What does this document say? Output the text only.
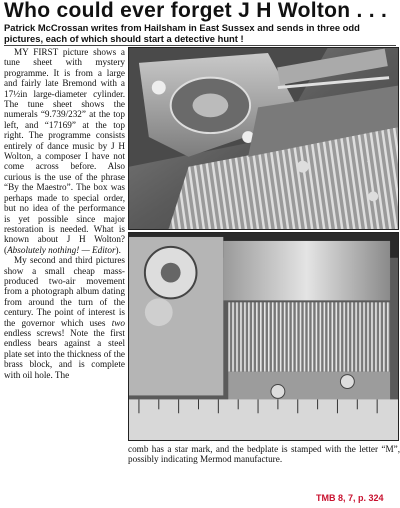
Who could ever forget J H Wolton . . .
Patrick McCrossan writes from Hailsham in East Sussex and sends in three odd pictures, each of which should start a detective hunt !

MY FIRST picture shows a tune sheet with mystery programme. It is from a large and fairly late Bremond with a 17½in large-diameter cylinder. The tune sheet shows the numerals “9.739/232” at the top left, and “17169” at the top right. The programme consists entirely of dance music by J H Wolton, a composer I have not come across before. Also curious is the use of the phrase “By the Maestro”. The box was perhaps made to special order, but no idea of the performance is yet possible since major restoration is needed. What is known about J H Wolton? (Absolutely nothing! — Editor).

My second and third pictures show a small cheap mass-produced two-air movement from a photograph album dating from around the turn of the century. The point of interest is the governor which uses two endless screws! Note the first endless bears against a steel plate set into the thickness of the brass block, and is complete with oil hole. The

comb has a star mark, and the bedplate is stamped with the letter “M”, possibly indicating Mermod manufacture.
TMB 8, 7, p. 324
